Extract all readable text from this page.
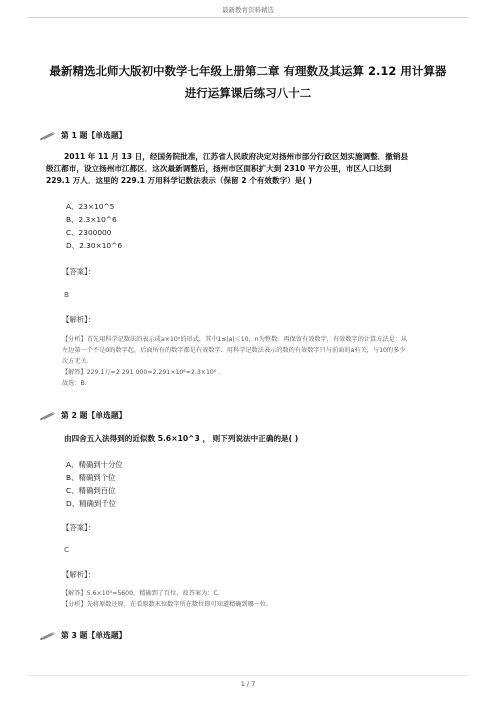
最新教育资料精选
最新精选北师大版初中数学七年级上册第二章 有理数及其运算 2.12 用计算器
进行运算课后练习八十二
第 1 题【单选题】
2011 年 11 月 13 日，经国务院批准，江苏省人民政府决定对扬州市部分行政区划实施调整．撤销县
级江都市，设立扬州市江都区．这次最新调整后，扬州市区面积扩大到 2310 平方公里，市区人口达到
229.1 万人．这里的 229.1 万用科学记数法表示（保留 2 个有效数字）是( )
A、23×10^5
B、2.3×10^6
C、2300000
D、2.30×10^6
【答案】：
B
【解析】：
【分析】首先用科学记数法的表示成a×10ⁿ的形式，其中1≤|a|＜10，n为整数．再保留有效数字，有效数字的计算方法是：从
左边第一个不是0的数字起，后面所有的数字都是有效数字．用科学记数法表示的数的有效数字只与前面的a有关，与10的多少
次方无关．
【解答】229.1万=2 291 000=2.291×10⁶≈2.3×10⁶ ．
故选：B．
第 2 题【单选题】
由四舍五入法得到的近似数 5.6×10^3 ， 则下列说法中正确的是( )
A、精确到十分位
B、精确到个位
C、精确到百位
D、精确到千位
【答案】：
C
【解析】：
【解答】5.6×10³=5600，精确到了百位，故答案为：C
【分析】先将原数还原，在看原数末位数字所在数位即可知道精确到哪一位。
第 3 题【单选题】
1 / 7
